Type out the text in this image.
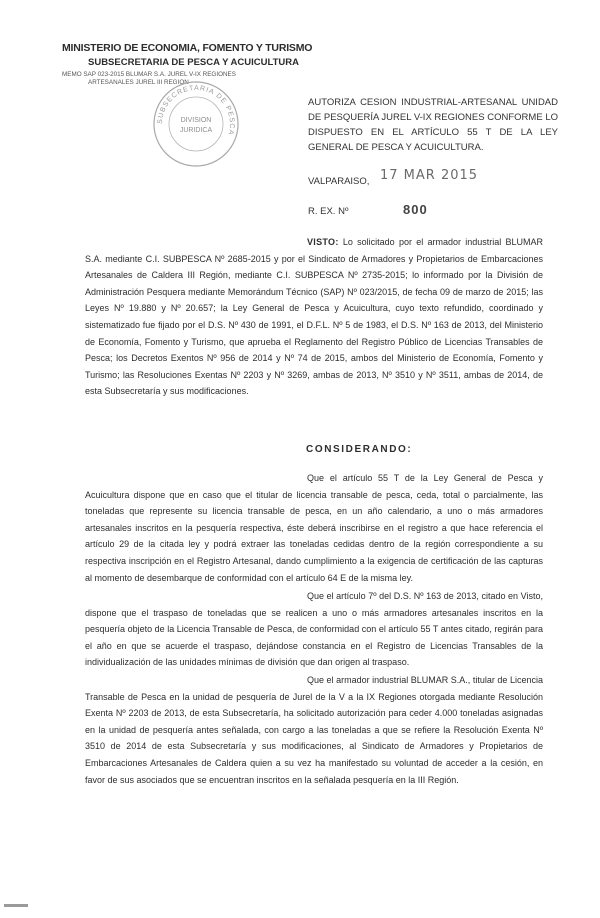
MINISTERIO DE ECONOMIA, FOMENTO Y TURISMO
SUBSECRETARIA DE PESCA Y ACUICULTURA
MEMO SAP 023-2015 BLUMAR S.A. JUREL V-IX REGIONES
ARTESANALES JUREL III REGION
SUBSECRETARIA DE PESCA
DIVISION
JURIDICA
AUTORIZA CESION INDUSTRIAL-ARTESANAL UNIDAD DE PESQUERÍA JUREL V-IX REGIONES CONFORME LO DISPUESTO EN EL ARTÍCULO 55 T DE LA LEY GENERAL DE PESCA Y ACUICULTURA.
VALPARAISO, 17 MAR 2015
R. EX. Nº	800
VISTO: Lo solicitado por el armador industrial BLUMAR S.A. mediante C.I. SUBPESCA Nº 2685-2015 y por el Sindicato de Armadores y Propietarios de Embarcaciones Artesanales de Caldera III Región, mediante C.I. SUBPESCA Nº 2735-2015; lo informado por la División de Administración Pesquera mediante Memorándum Técnico (SAP) Nº 023/2015, de fecha 09 de marzo de 2015; las Leyes Nº 19.880 y Nº 20.657; la Ley General de Pesca y Acuicultura, cuyo texto refundido, coordinado y sistematizado fue fijado por el D.S. Nº 430 de 1991, el D.F.L. Nº 5 de 1983, el D.S. Nº 163 de 2013, del Ministerio de Economía, Fomento y Turismo, que aprueba el Reglamento del Registro Público de Licencias Transables de Pesca; los Decretos Exentos Nº 956 de 2014 y Nº 74 de 2015, ambos del Ministerio de Economía, Fomento y Turismo; las Resoluciones Exentas Nº 2203 y Nº 3269, ambas de 2013, Nº 3510 y Nº 3511, ambas de 2014, de esta Subsecretaría y sus modificaciones.
CONSIDERANDO:
Que el artículo 55 T de la Ley General de Pesca y Acuicultura dispone que en caso que el titular de licencia transable de pesca, ceda, total o parcialmente, las toneladas que represente su licencia transable de pesca, en un año calendario, a uno o más armadores artesanales inscritos en la pesquería respectiva, éste deberá inscribirse en el registro a que hace referencia el artículo 29 de la citada ley y podrá extraer las toneladas cedidas dentro de la región correspondiente a su respectiva inscripción en el Registro Artesanal, dando cumplimiento a la exigencia de certificación de las capturas al momento de desembarque de conformidad con el artículo 64 E de la misma ley.
Que el artículo 7º del D.S. Nº 163 de 2013, citado en Visto, dispone que el traspaso de toneladas que se realicen a uno o más armadores artesanales inscritos en la pesquería objeto de la Licencia Transable de Pesca, de conformidad con el artículo 55 T antes citado, regirán para el año en que se acuerde el traspaso, dejándose constancia en el Registro de Licencias Transables de la individualización de las unidades mínimas de división que dan origen al traspaso.
Que el armador industrial BLUMAR S.A., titular de Licencia Transable de Pesca en la unidad de pesquería de Jurel de la V a la IX Regiones otorgada mediante Resolución Exenta Nº 2203 de 2013, de esta Subsecretaría, ha solicitado autorización para ceder 4.000 toneladas asignadas en la unidad de pesquería antes señalada, con cargo a las toneladas a que se refiere la Resolución Exenta Nº 3510 de 2014 de esta Subsecretaría y sus modificaciones, al Sindicato de Armadores y Propietarios de Embarcaciones Artesanales de Caldera quien a su vez ha manifestado su voluntad de acceder a la cesión, en favor de sus asociados que se encuentran inscritos en la señalada pesquería en la III Región.
